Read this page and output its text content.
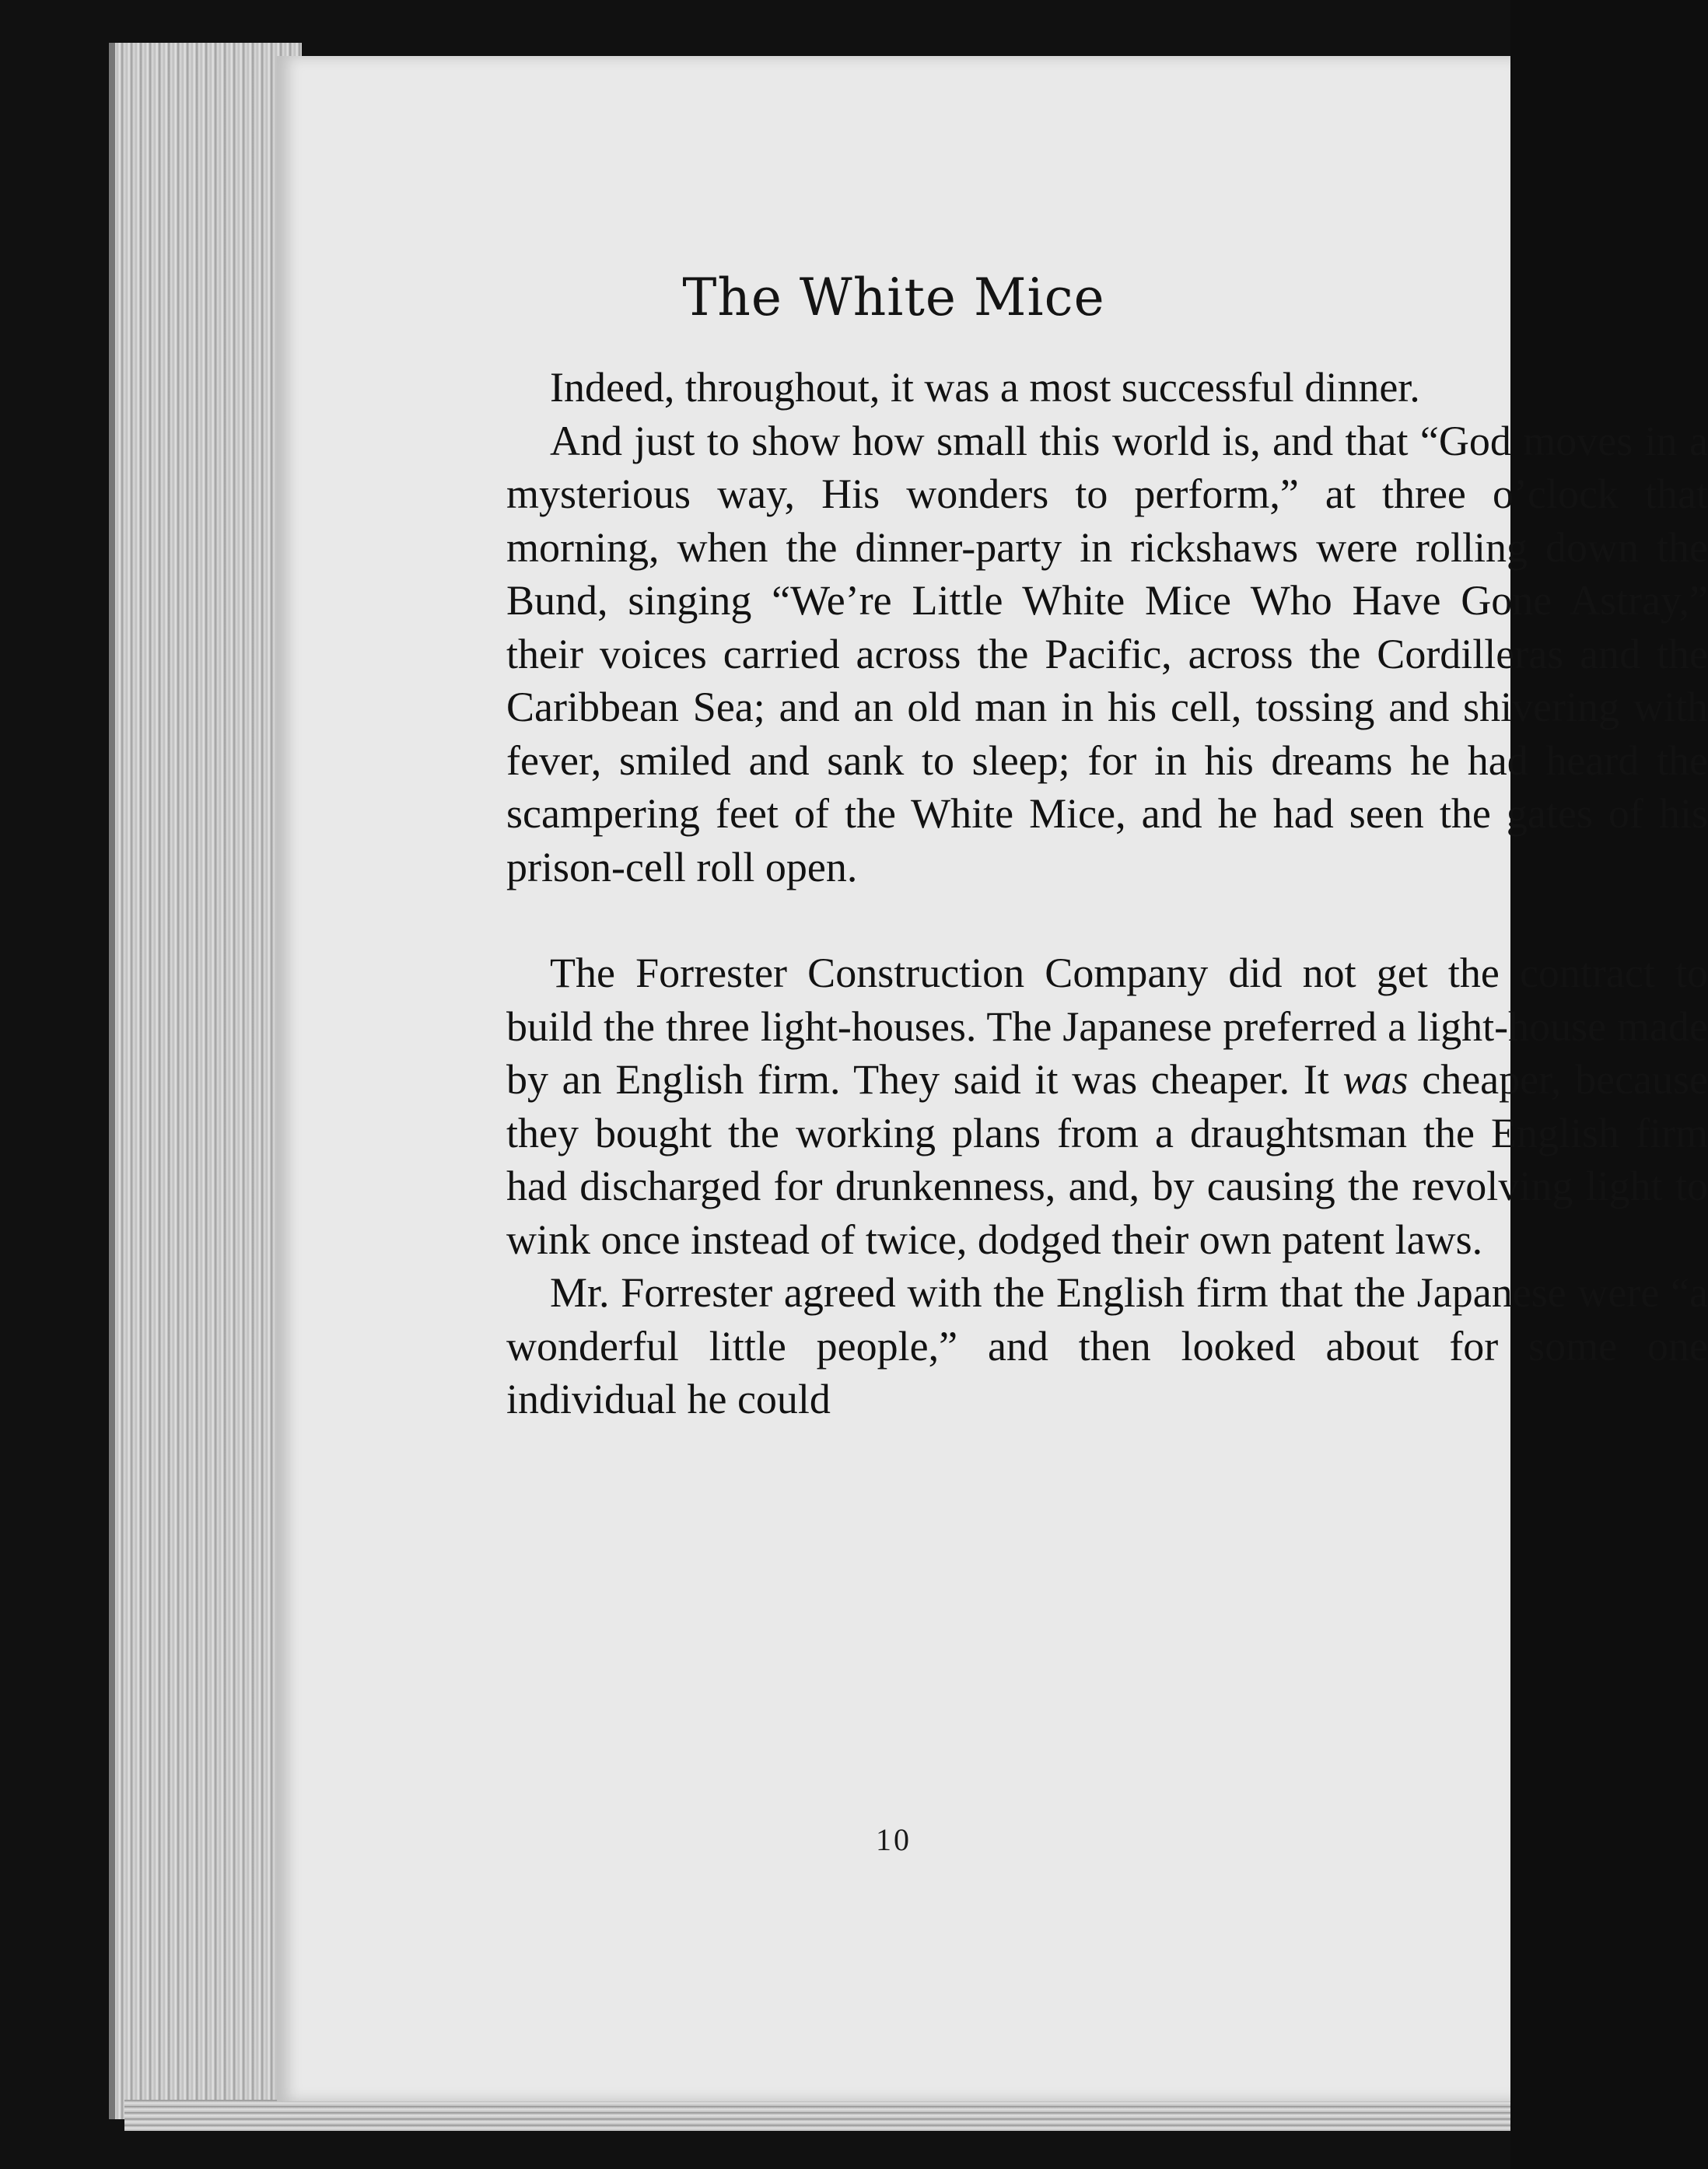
The White Mice

Indeed, throughout, it was a most successful dinner.

And just to show how small this world is, and that “God moves in a mysterious way, His wonders to perform,” at three o’clock that morning, when the dinner-party in rickshaws were rolling down the Bund, singing “We’re Little White Mice Who Have Gone Astray,” their voices carried across the Pacific, across the Cordilleras and the Caribbean Sea; and an old man in his cell, tossing and shivering with fever, smiled and sank to sleep; for in his dreams he had heard the scampering feet of the White Mice, and he had seen the gates of his prison-cell roll open.

The Forrester Construction Company did not get the contract to build the three light-houses. The Japanese preferred a light-house made by an English firm. They said it was cheaper. It was cheaper, because they bought the working plans from a draughtsman the English firm had discharged for drunkenness, and, by causing the revolving light to wink once instead of twice, dodged their own patent laws.

Mr. Forrester agreed with the English firm that the Japanese were “a wonderful little people,” and then looked about for some one individual he could

10
